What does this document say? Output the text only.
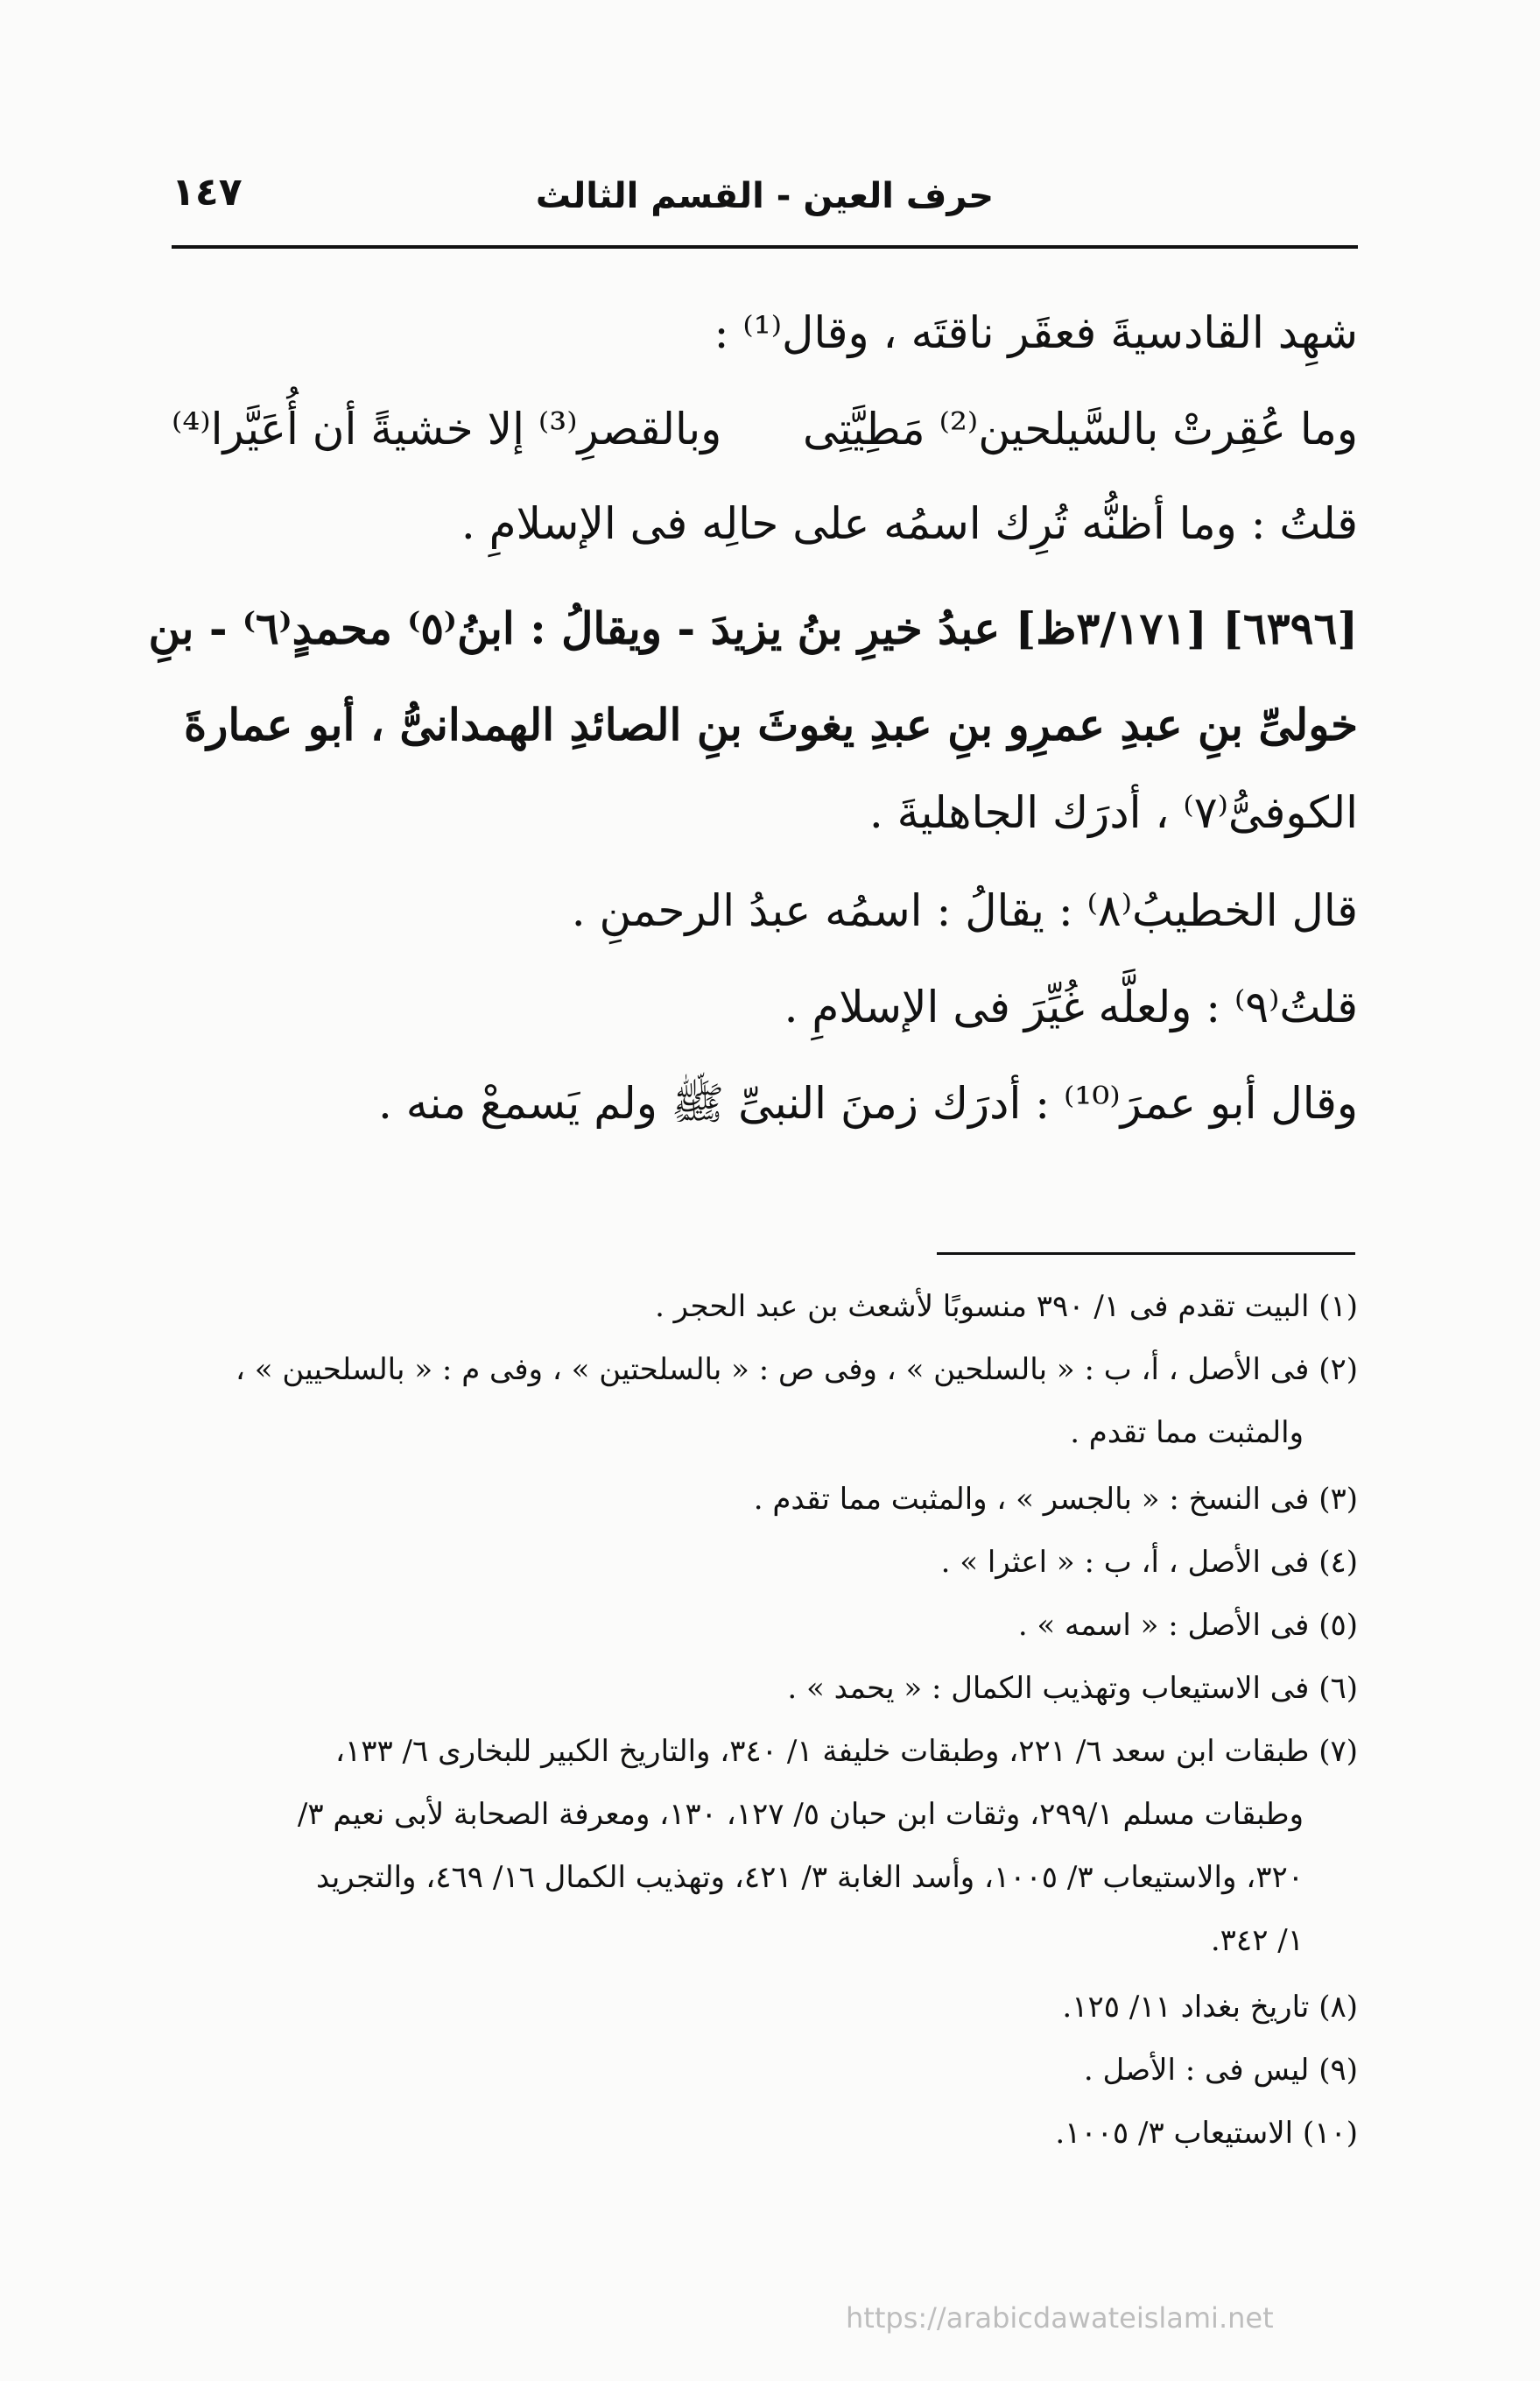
حرف العين - القسم الثالث
١٤٧
شهِد القادسيةَ فعقَر ناقتَه ، وقال⁽¹⁾ :
وما عُقِرتْ بالسَّيلحين⁽²⁾ مَطِيَّتِى
وبالقصرِ⁽³⁾ إلا خشيةً أن أُعَيَّرا⁽⁴⁾
قلتُ : وما أظنُّه تُرِك اسمُه على حالِه فى الإسلامِ .
[٦٣٩٦] [٣/١٧١ظ] عبدُ خيرِ بنُ يزيدَ - ويقالُ : ابنُ⁽٥⁾ محمدٍ⁽٦⁾ - بنِ
خولىِّ بنِ عبدِ عمرِو بنِ عبدِ يغوثَ بنِ الصائدِ الهمدانىُّ ، أبو عمارةَ
الكوفىُّ⁽٧⁾ ، أدرَك الجاهليةَ .
قال الخطيبُ⁽٨⁾ : يقالُ : اسمُه عبدُ الرحمنِ .
قلتُ⁽٩⁾ : ولعلَّه غُيِّرَ فى الإسلامِ .
وقال أبو عمرَ⁽¹⁰⁾ : أدرَك زمنَ النبىِّ ﷺ ولم يَسمعْ منه .
(١) البيت تقدم فى ١/ ٣٩٠ منسوبًا لأشعث بن عبد الحجر .
(٢) فى الأصل ، أ، ب : « بالسلحين » ، وفى ص : « بالسلحتين » ، وفى م : « بالسلحيين » ،
والمثبت مما تقدم .
(٣) فى النسخ : « بالجسر » ، والمثبت مما تقدم .
(٤) فى الأصل ، أ، ب : « اعثرا » .
(٥) فى الأصل : « اسمه » .
(٦) فى الاستيعاب وتهذيب الكمال : « يحمد » .
(٧) طبقات ابن سعد ٦/ ٢٢١، وطبقات خليفة ١/ ٣٤٠، والتاريخ الكبير للبخارى ٦/ ١٣٣،
وطبقات مسلم ٢٩٩/١، وثقات ابن حبان ٥/ ١٢٧، ١٣٠، ومعرفة الصحابة لأبى نعيم ٣/
٣٢٠، والاستيعاب ٣/ ١٠٠٥، وأسد الغابة ٣/ ٤٢١، وتهذيب الكمال ١٦/ ٤٦٩، والتجريد
١/ ٣٤٢.
(٨) تاريخ بغداد ١١/ ١٢٥.
(٩) ليس فى : الأصل .
(١٠) الاستيعاب ٣/ ١٠٠٥.
https://arabicdawateislami.net
